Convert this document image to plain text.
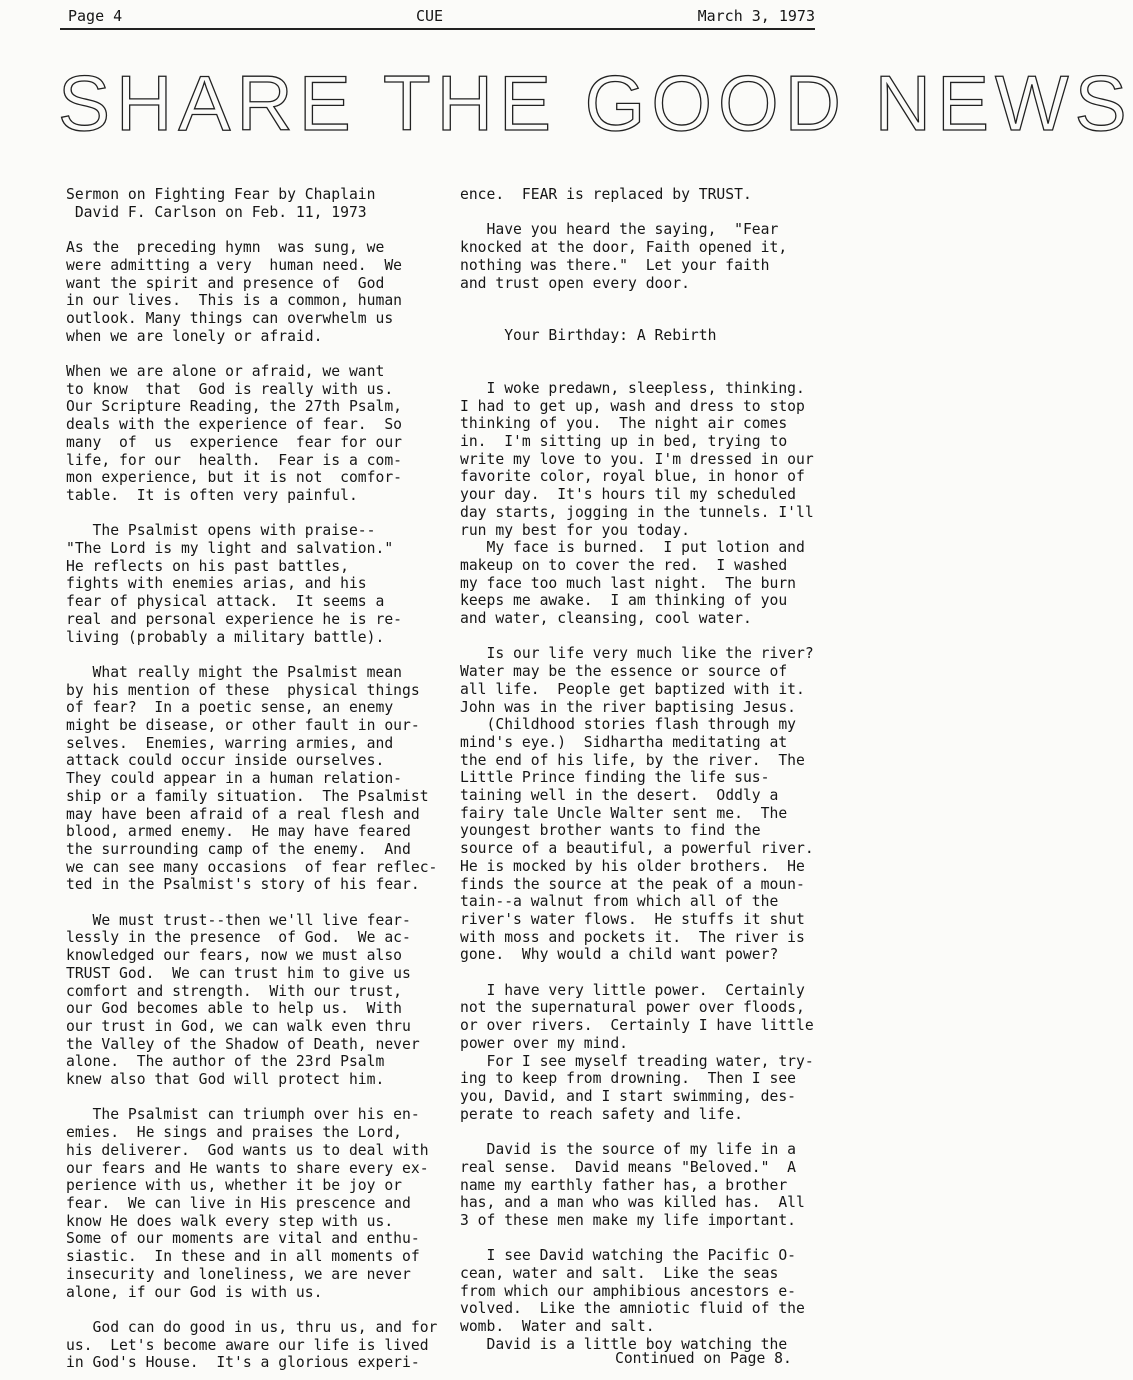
Page 4	CUE	March 3, 1973
SHARE THE GOOD NEWS

Sermon on Fighting Fear by Chaplain
David F. Carlson on Feb. 11, 1973

As the  preceding hymn  was sung, we
were admitting a very  human need.  We
want the spirit and presence of  God
in our lives.  This is a common, human
outlook. Many things can overwhelm us
when we are lonely or afraid.

When we are alone or afraid, we want
to know  that  God is really with us.
Our Scripture Reading, the 27th Psalm,
deals with the experience of fear.  So
many  of  us  experience  fear for our
life, for our  health.  Fear is a com-
mon experience, but it is not  comfor-
table.  It is often very painful.

The Psalmist opens with praise--
"The Lord is my light and salvation."
He reflects on his past battles,
fights with enemies arias, and his
fear of physical attack.  It seems a
real and personal experience he is re-
living (probably a military battle).

What really might the Psalmist mean
by his mention of these  physical things
of fear?  In a poetic sense, an enemy
might be disease, or other fault in our-
selves.  Enemies, warring armies, and
attack could occur inside ourselves.
They could appear in a human relation-
ship or a family situation.  The Psalmist
may have been afraid of a real flesh and
blood, armed enemy.  He may have feared
the surrounding camp of the enemy.  And
we can see many occasions  of fear reflec-
ted in the Psalmist's story of his fear.

We must trust--then we'll live fear-
lessly in the presence  of God.  We ac-
knowledged our fears, now we must also
TRUST God.  We can trust him to give us
comfort and strength.  With our trust,
our God becomes able to help us.  With
our trust in God, we can walk even thru
the Valley of the Shadow of Death, never
alone.  The author of the 23rd Psalm
knew also that God will protect him.

The Psalmist can triumph over his en-
emies.  He sings and praises the Lord,
his deliverer.  God wants us to deal with
our fears and He wants to share every ex-
perience with us, whether it be joy or
fear.  We can live in His prescence and
know He does walk every step with us.
Some of our moments are vital and enthu-
siastic.  In these and in all moments of
insecurity and loneliness, we are never
alone, if our God is with us.

God can do good in us, thru us, and for
us.  Let's become aware our life is lived
in God's House.  It's a glorious experi-

ence.  FEAR is replaced by TRUST.

Have you heard the saying,  "Fear
knocked at the door, Faith opened it,
nothing was there."  Let your faith
and trust open every door.

Your Birthday: A Rebirth

I woke predawn, sleepless, thinking.
I had to get up, wash and dress to stop
thinking of you.  The night air comes
in.  I'm sitting up in bed, trying to
write my love to you. I'm dressed in our
favorite color, royal blue, in honor of
your day.  It's hours til my scheduled
day starts, jogging in the tunnels. I'll
run my best for you today.
My face is burned.  I put lotion and
makeup on to cover the red.  I washed
my face too much last night.  The burn
keeps me awake.  I am thinking of you
and water, cleansing, cool water.

Is our life very much like the river?
Water may be the essence or source of
all life.  People get baptized with it.
John was in the river baptising Jesus.
(Childhood stories flash through my
mind's eye.)  Sidhartha meditating at
the end of his life, by the river.  The
Little Prince finding the life sus-
taining well in the desert.  Oddly a
fairy tale Uncle Walter sent me.  The
youngest brother wants to find the
source of a beautiful, a powerful river.
He is mocked by his older brothers.  He
finds the source at the peak of a moun-
tain--a walnut from which all of the
river's water flows.  He stuffs it shut
with moss and pockets it.  The river is
gone.  Why would a child want power?

I have very little power.  Certainly
not the supernatural power over floods,
or over rivers.  Certainly I have little
power over my mind.
For I see myself treading water, try-
ing to keep from drowning.  Then I see
you, David, and I start swimming, des-
perate to reach safety and life.

David is the source of my life in a
real sense.  David means "Beloved."  A
name my earthly father has, a brother
has, and a man who was killed has.  All
3 of these men make my life important.

I see David watching the Pacific O-
cean, water and salt.  Like the seas
from which our amphibious ancestors e-
volved.  Like the amniotic fluid of the
womb.  Water and salt.
David is a little boy watching the

Continued on Page 8.
